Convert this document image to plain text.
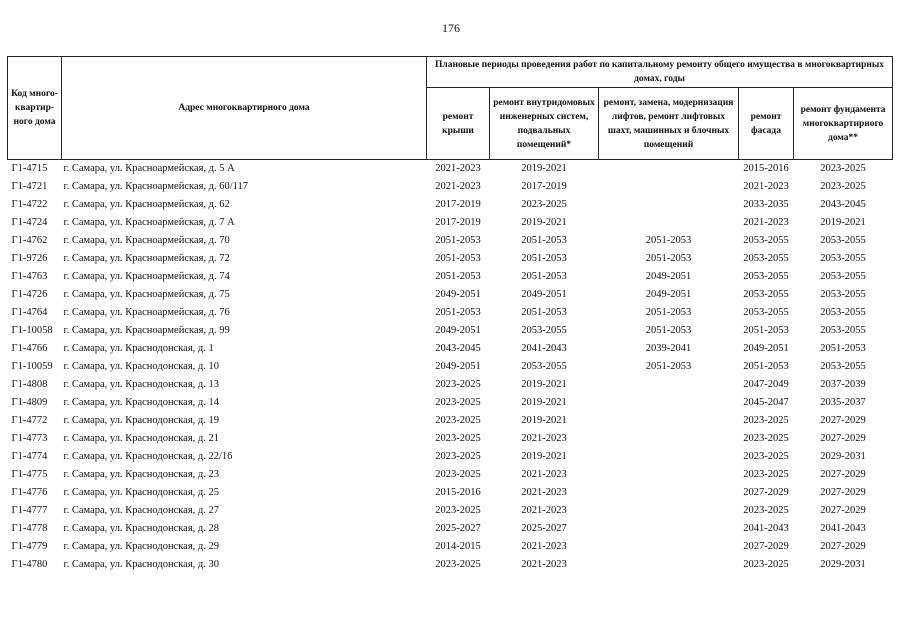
176
Код много-квартир-ного дома	Адрес многоквартирного дома	Плановые периоды проведения работ по капитальному ремонту общего имущества в многоквартирных домах, годы				
		ремонт крыши	ремонт внутридомовых инженерных систем, подвальных помещений*	ремонт, замена, модернизация лифтов, ремонт лифтовых шахт, машинных и блочных помещений	ремонт фасада	ремонт фундамента многоквартирного дома**
Г1-4715	г. Самара, ул. Красноармейская, д. 5 А	2021-2023	2019-2021		2015-2016	2023-2025
Г1-4721	г. Самара, ул. Красноармейская, д. 60/117	2021-2023	2017-2019		2021-2023	2023-2025
Г1-4722	г. Самара, ул. Красноармейская, д. 62	2017-2019	2023-2025		2033-2035	2043-2045
Г1-4724	г. Самара, ул. Красноармейская, д. 7 А	2017-2019	2019-2021		2021-2023	2019-2021
Г1-4762	г. Самара, ул. Красноармейская, д. 70	2051-2053	2051-2053	2051-2053	2053-2055	2053-2055
Г1-9726	г. Самара, ул. Красноармейская, д. 72	2051-2053	2051-2053	2051-2053	2053-2055	2053-2055
Г1-4763	г. Самара, ул. Красноармейская, д. 74	2051-2053	2051-2053	2049-2051	2053-2055	2053-2055
Г1-4726	г. Самара, ул. Красноармейская, д. 75	2049-2051	2049-2051	2049-2051	2053-2055	2053-2055
Г1-4764	г. Самара, ул. Красноармейская, д. 76	2051-2053	2051-2053	2051-2053	2053-2055	2053-2055
Г1-10058	г. Самара, ул. Красноармейская, д. 99	2049-2051	2053-2055	2051-2053	2051-2053	2053-2055
Г1-4766	г. Самара, ул. Краснодонская, д. 1	2043-2045	2041-2043	2039-2041	2049-2051	2051-2053
Г1-10059	г. Самара, ул. Краснодонская, д. 10	2049-2051	2053-2055	2051-2053	2051-2053	2053-2055
Г1-4808	г. Самара, ул. Краснодонская, д. 13	2023-2025	2019-2021		2047-2049	2037-2039
Г1-4809	г. Самара, ул. Краснодонская, д. 14	2023-2025	2019-2021		2045-2047	2035-2037
Г1-4772	г. Самара, ул. Краснодонская, д. 19	2023-2025	2019-2021		2023-2025	2027-2029
Г1-4773	г. Самара, ул. Краснодонская, д. 21	2023-2025	2021-2023		2023-2025	2027-2029
Г1-4774	г. Самара, ул. Краснодонская, д. 22/16	2023-2025	2019-2021		2023-2025	2029-2031
Г1-4775	г. Самара, ул. Краснодонская, д. 23	2023-2025	2021-2023		2023-2025	2027-2029
Г1-4776	г. Самара, ул. Краснодонская, д. 25	2015-2016	2021-2023		2027-2029	2027-2029
Г1-4777	г. Самара, ул. Краснодонская, д. 27	2023-2025	2021-2023		2023-2025	2027-2029
Г1-4778	г. Самара, ул. Краснодонская, д. 28	2025-2027	2025-2027		2041-2043	2041-2043
Г1-4779	г. Самара, ул. Краснодонская, д. 29	2014-2015	2021-2023		2027-2029	2027-2029
Г1-4780	г. Самара, ул. Краснодонская, д. 30	2023-2025	2021-2023		2023-2025	2029-2031
